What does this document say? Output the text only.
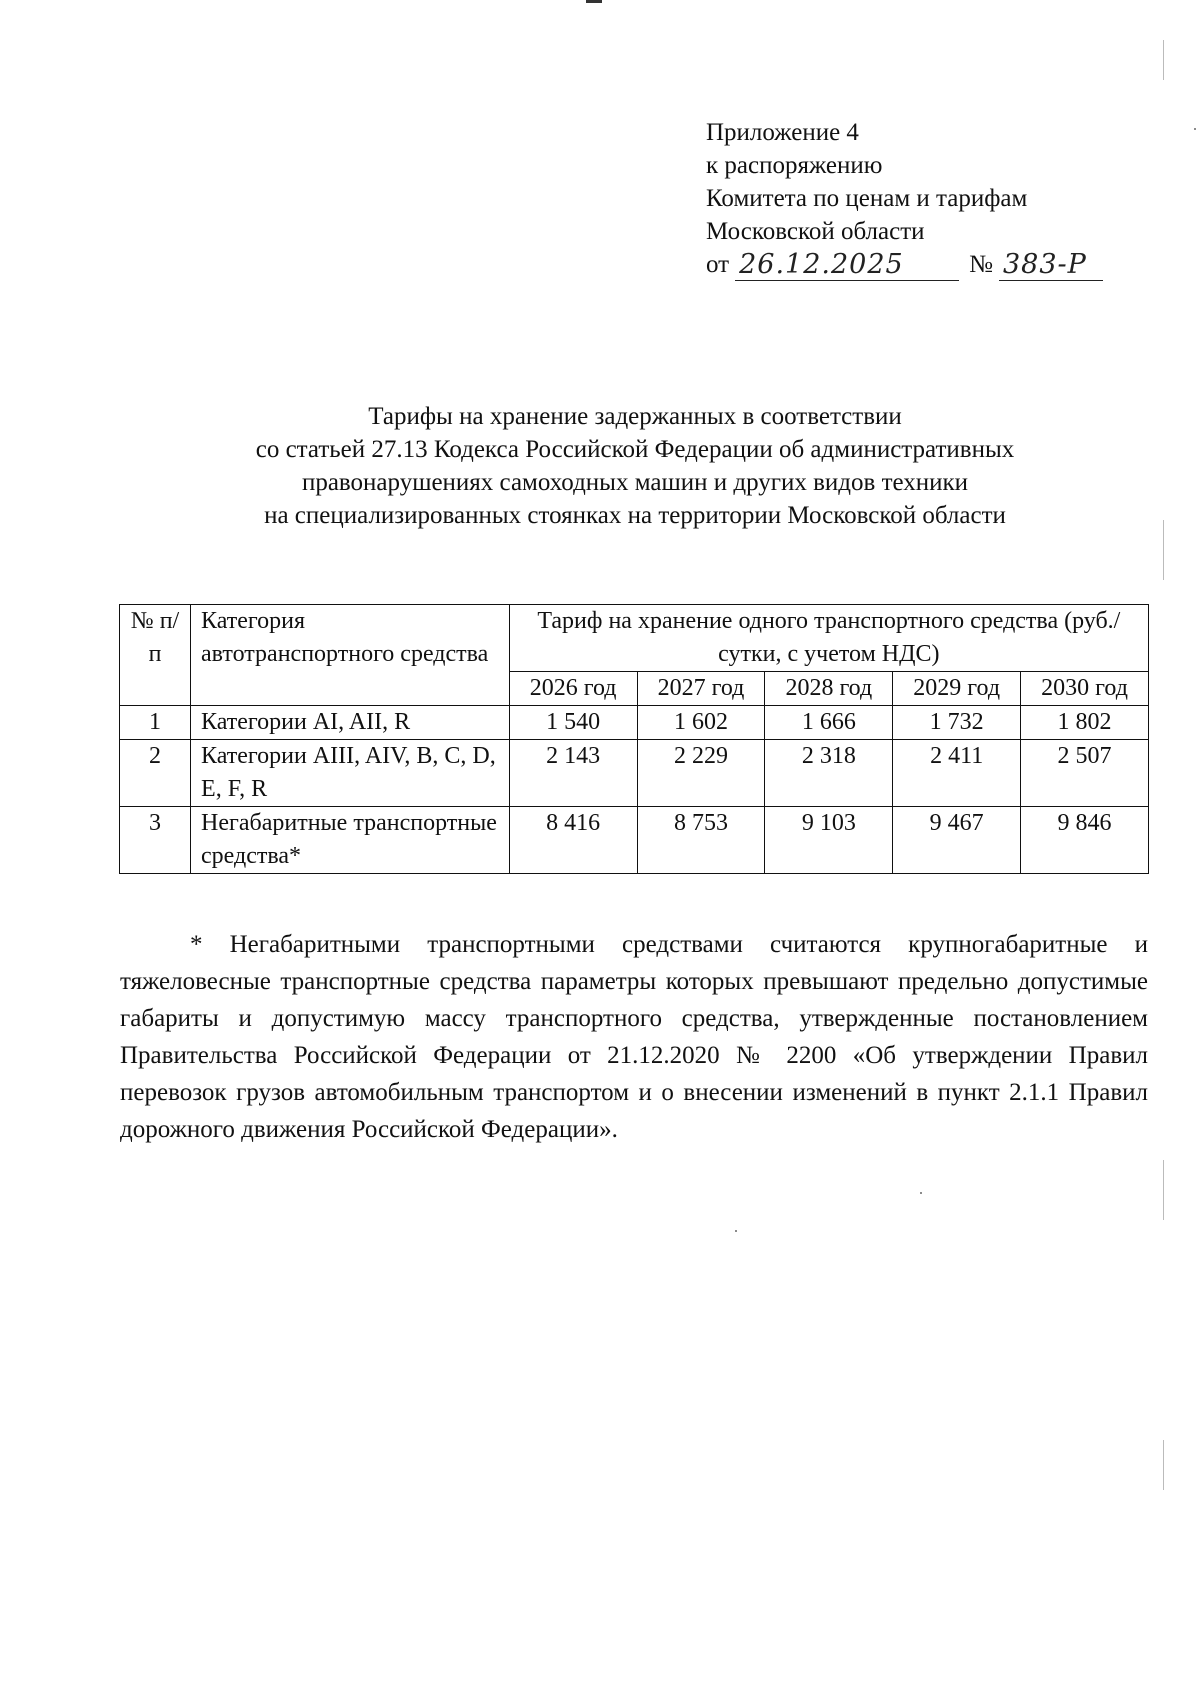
Приложение 4
к распоряжению
Комитета по ценам и тарифам
Московской области
от 26.12.2025	№ 383-Р
Тарифы на хранение задержанных в соответствии
со статьей 27.13 Кодекса Российской Федерации об административных
правонарушениях самоходных машин и других видов техники
на специализированных стоянках на территории Московской области
№ п/п	Категория автотранспортного средства	Тариф на хранение одного транспортного средства (руб./сутки, с учетом НДС)				
		2026 год	2027 год	2028 год	2029 год	2030 год
1	Категории AI, AII, R	1 540	1 602	1 666	1 732	1 802
2	Категории AIII, AIV, B, C, D, E, F, R	2 143	2 229	2 318	2 411	2 507
3	Негабаритные транспортные средства*	8 416	8 753	9 103	9 467	9 846
* Негабаритными транспортными средствами считаются крупногабаритные и тяжеловесные транспортные средства параметры которых превышают предельно допустимые габариты и допустимую массу транспортного средства, утвержденные постановлением Правительства Российской Федерации от 21.12.2020 № 2200 «Об утверждении Правил перевозок грузов автомобильным транспортом и о внесении изменений в пункт 2.1.1 Правил дорожного движения Российской Федерации».
